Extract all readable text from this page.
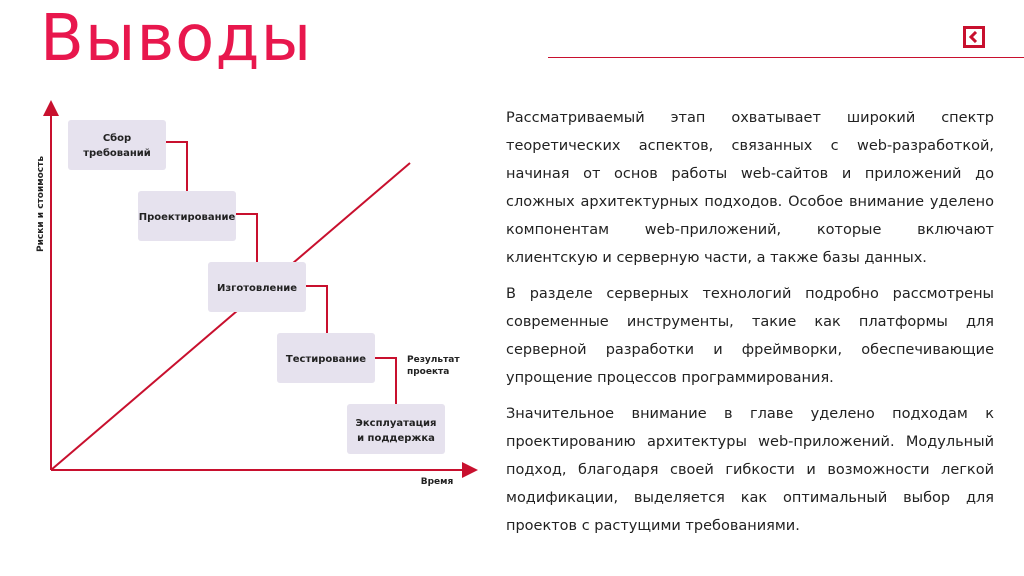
Выводы
Риски и стоимость
Время
Сбор
требований
Проектирование
Изготовление
Тестирование
Эксплуатация
и поддержка
Результат
проекта

Рассматриваемый этап охватывает широкий спектр теоретических аспектов, связанных с web-разработкой, начиная от основ работы web-сайтов и приложений до сложных архитектурных подходов. Особое внимание уделено компонентам web-приложений, которые включают клиентскую и серверную части, а также базы данных.

В разделе серверных технологий подробно рассмотрены современные инструменты, такие как платформы для серверной разработки и фреймворки, обеспечивающие упрощение процессов программирования.

Значительное внимание в главе уделено подходам к проектированию архитектуры web-приложений. Модульный подход, благодаря своей гибкости и возможности легкой модификации, выделяется как оптимальный выбор для проектов с растущими требованиями.
